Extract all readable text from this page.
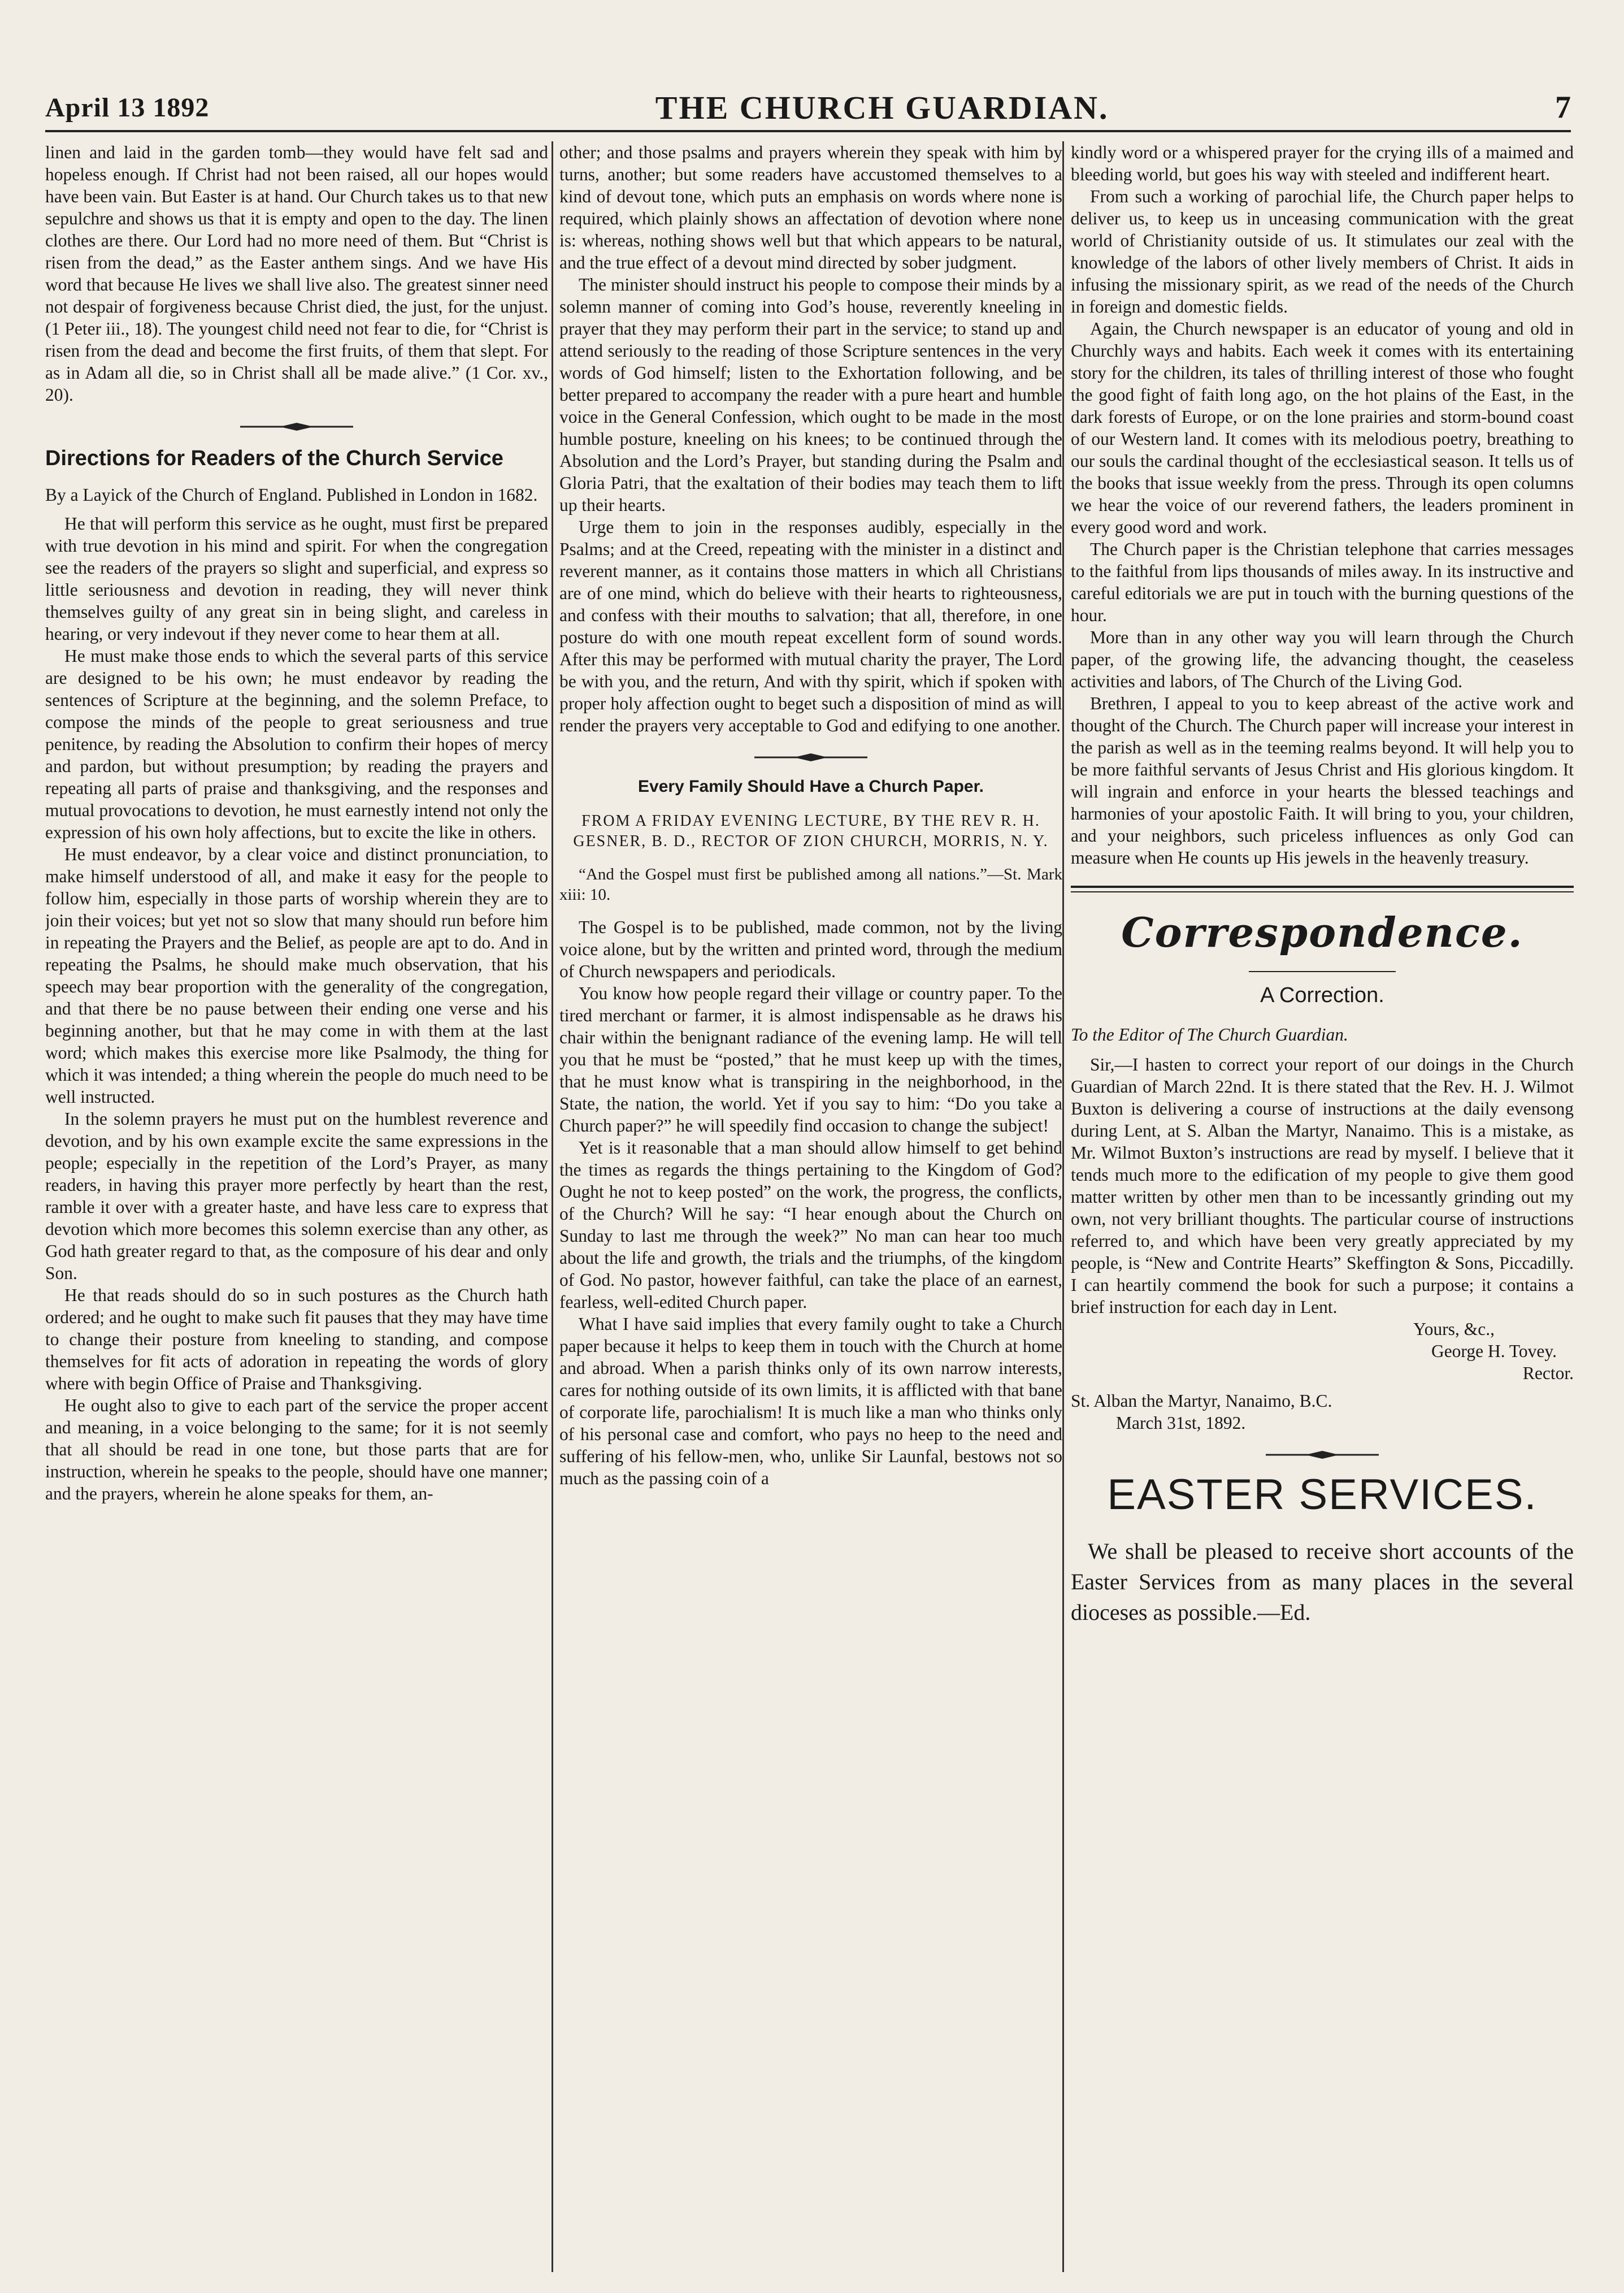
April 13 1892	THE CHURCH GUARDIAN.	7

linen and laid in the garden tomb—they would have felt sad and hopeless enough. If Christ had not been raised, all our hopes would have been vain. But Easter is at hand. Our Church takes us to that new sepulchre and shows us that it is empty and open to the day. The linen clothes are there. Our Lord had no more need of them. But “Christ is risen from the dead,” as the Easter anthem sings. And we have His word that because He lives we shall live also. The greatest sinner need not despair of forgiveness because Christ died, the just, for the unjust. (1 Peter iii., 18). The youngest child need not fear to die, for “Christ is risen from the dead and become the first fruits, of them that slept. For as in Adam all die, so in Christ shall all be made alive.” (1 Cor. xv., 20).

Directions for Readers of the Church Service

By a Layick of the Church of England. Published in London in 1682.

He that will perform this service as he ought, must first be prepared with true devotion in his mind and spirit. For when the congregation see the readers of the prayers so slight and superficial, and express so little seriousness and devotion in reading, they will never think themselves guilty of any great sin in being slight, and careless in hearing, or very indevout if they never come to hear them at all.

He must make those ends to which the several parts of this service are designed to be his own; he must endeavor by reading the sentences of Scripture at the beginning, and the solemn Preface, to compose the minds of the people to great seriousness and true penitence, by reading the Absolution to confirm their hopes of mercy and pardon, but without presumption; by reading the prayers and repeating all parts of praise and thanksgiving, and the responses and mutual provocations to devotion, he must earnestly intend not only the expression of his own holy affections, but to excite the like in others.

He must endeavor, by a clear voice and distinct pronunciation, to make himself understood of all, and make it easy for the people to follow him, especially in those parts of worship wherein they are to join their voices; but yet not so slow that many should run before him in repeating the Prayers and the Belief, as people are apt to do. And in repeating the Psalms, he should make much observation, that his speech may bear proportion with the generality of the congregation, and that there be no pause between their ending one verse and his beginning another, but that he may come in with them at the last word; which makes this exercise more like Psalmody, the thing for which it was intended; a thing wherein the people do much need to be well instructed.

In the solemn prayers he must put on the humblest reverence and devotion, and by his own example excite the same expressions in the people; especially in the repetition of the Lord’s Prayer, as many readers, in having this prayer more perfectly by heart than the rest, ramble it over with a greater haste, and have less care to express that devotion which more becomes this solemn exercise than any other, as God hath greater regard to that, as the composure of his dear and only Son.

He that reads should do so in such postures as the Church hath ordered; and he ought to make such fit pauses that they may have time to change their posture from kneeling to standing, and compose themselves for fit acts of adoration in repeating the words of glory where with begin Office of Praise and Thanksgiving.

He ought also to give to each part of the service the proper accent and meaning, in a voice belonging to the same; for it is not seemly that all should be read in one tone, but those parts that are for instruction, wherein he speaks to the people, should have one manner; and the prayers, wherein he alone speaks for them, an-

other; and those psalms and prayers wherein they speak with him by turns, another; but some readers have accustomed themselves to a kind of devout tone, which puts an emphasis on words where none is required, which plainly shows an affectation of devotion where none is: whereas, nothing shows well but that which appears to be natural, and the true effect of a devout mind directed by sober judgment.

The minister should instruct his people to compose their minds by a solemn manner of coming into God’s house, reverently kneeling in prayer that they may perform their part in the service; to stand up and attend seriously to the reading of those Scripture sentences in the very words of God himself; listen to the Exhortation following, and be better prepared to accompany the reader with a pure heart and humble voice in the General Confession, which ought to be made in the most humble posture, kneeling on his knees; to be continued through the Absolution and the Lord’s Prayer, but standing during the Psalm and Gloria Patri, that the exaltation of their bodies may teach them to lift up their hearts.

Urge them to join in the responses audibly, especially in the Psalms; and at the Creed, repeating with the minister in a distinct and reverent manner, as it contains those matters in which all Christians are of one mind, which do believe with their hearts to righteousness, and confess with their mouths to salvation; that all, therefore, in one posture do with one mouth repeat excellent form of sound words. After this may be performed with mutual charity the prayer, The Lord be with you, and the return, And with thy spirit, which if spoken with proper holy affection ought to beget such a disposition of mind as will render the prayers very acceptable to God and edifying to one another.

Every Family Should Have a Church Paper.

FROM A FRIDAY EVENING LECTURE, BY THE REV R. H. GESNER, B. D., RECTOR OF ZION CHURCH, MORRIS, N. Y.

“And the Gospel must first be published among all nations.”—St. Mark xiii: 10.

The Gospel is to be published, made common, not by the living voice alone, but by the written and printed word, through the medium of Church newspapers and periodicals.

You know how people regard their village or country paper. To the tired merchant or farmer, it is almost indispensable as he draws his chair within the benignant radiance of the evening lamp. He will tell you that he must be “posted,” that he must keep up with the times, that he must know what is transpiring in the neighborhood, in the State, the nation, the world. Yet if you say to him: “Do you take a Church paper?” he will speedily find occasion to change the subject!

Yet is it reasonable that a man should allow himself to get behind the times as regards the things pertaining to the Kingdom of God? Ought he not to keep posted” on the work, the progress, the conflicts, of the Church? Will he say: “I hear enough about the Church on Sunday to last me through the week?” No man can hear too much about the life and growth, the trials and the triumphs, of the kingdom of God. No pastor, however faithful, can take the place of an earnest, fearless, well-edited Church paper.

What I have said implies that every family ought to take a Church paper because it helps to keep them in touch with the Church at home and abroad. When a parish thinks only of its own narrow interests, cares for nothing outside of its own limits, it is afflicted with that bane of corporate life, parochialism! It is much like a man who thinks only of his personal case and comfort, who pays no heep to the need and suffering of his fellow-men, who, unlike Sir Launfal, bestows not so much as the passing coin of a

kindly word or a whispered prayer for the crying ills of a maimed and bleeding world, but goes his way with steeled and indifferent heart.

From such a working of parochial life, the Church paper helps to deliver us, to keep us in unceasing communication with the great world of Christianity outside of us. It stimulates our zeal with the knowledge of the labors of other lively members of Christ. It aids in infusing the missionary spirit, as we read of the needs of the Church in foreign and domestic fields.

Again, the Church newspaper is an educator of young and old in Churchly ways and habits. Each week it comes with its entertaining story for the children, its tales of thrilling interest of those who fought the good fight of faith long ago, on the hot plains of the East, in the dark forests of Europe, or on the lone prairies and storm-bound coast of our Western land. It comes with its melodious poetry, breathing to our souls the cardinal thought of the ecclesiastical season. It tells us of the books that issue weekly from the press. Through its open columns we hear the voice of our reverend fathers, the leaders prominent in every good word and work.

The Church paper is the Christian telephone that carries messages to the faithful from lips thousands of miles away. In its instructive and careful editorials we are put in touch with the burning questions of the hour.

More than in any other way you will learn through the Church paper, of the growing life, the advancing thought, the ceaseless activities and labors, of The Church of the Living God.

Brethren, I appeal to you to keep abreast of the active work and thought of the Church. The Church paper will increase your interest in the parish as well as in the teeming realms beyond. It will help you to be more faithful servants of Jesus Christ and His glorious kingdom. It will ingrain and enforce in your hearts the blessed teachings and harmonies of your apostolic Faith. It will bring to you, your children, and your neighbors, such priceless influences as only God can measure when He counts up His jewels in the heavenly treasury.

Correspondence.
A Correction.

To the Editor of The Church Guardian.

Sir,—I hasten to correct your report of our doings in the Church Guardian of March 22nd. It is there stated that the Rev. H. J. Wilmot Buxton is delivering a course of instructions at the daily evensong during Lent, at S. Alban the Martyr, Nanaimo. This is a mistake, as Mr. Wilmot Buxton’s instructions are read by myself. I believe that it tends much more to the edification of my people to give them good matter written by other men than to be incessantly grinding out my own, not very brilliant thoughts. The particular course of instructions referred to, and which have been very greatly appreciated by my people, is “New and Contrite Hearts” Skeffington & Sons, Piccadilly. I can heartily commend the book for such a purpose; it contains a brief instruction for each day in Lent.

Yours, &c.,

George H. Tovey.

Rector.

St. Alban the Martyr, Nanaimo, B.C.

March 31st, 1892.

EASTER SERVICES.

We shall be pleased to receive short accounts of the Easter Services from as many places in the several dioceses as possible.—Ed.
